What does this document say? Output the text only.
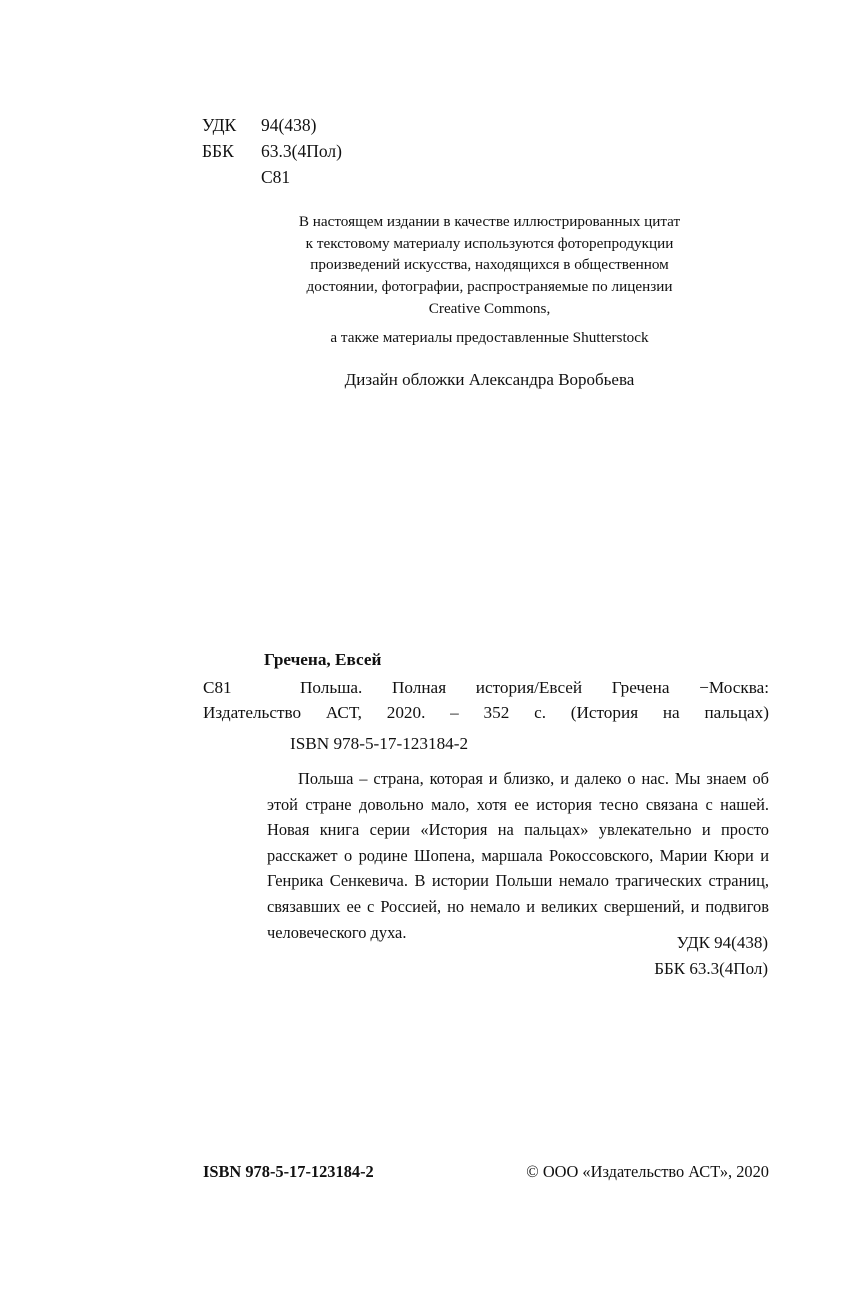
УДК 94(438)
ББК 63.3(4Пол)
С81
В настоящем издании в качестве иллюстрированных цитат
к текстовому материалу используются фоторепродукции
произведений искусства, находящихся в общественном
достоянии, фотографии, распространяемые по лицензии
Creative Commons,
а также материалы предоставленные Shutterstock
Дизайн обложки Александра Воробьева
Гречена, Евсей
С81	Польша. Полная история/Евсей Гречена −Москва: Издательство АСТ, 2020. – 352 с. (История на пальцах)
ISBN 978-5-17-123184-2
Польша – страна, которая и близко, и далеко о нас. Мы знаем об этой стране довольно мало, хотя ее история тесно связана с нашей. Новая книга серии «История на пальцах» увлекательно и просто расскажет о родине Шопена, маршала Рокоссовского, Марии Кюри и Генрика Сенкевича. В истории Польши немало трагических страниц, связавших ее с Россией, но немало и великих свершений, и подвигов человеческого духа.
УДК 94(438)
ББК 63.3(4Пол)
ISBN 978-5-17-123184-2	© ООО «Издательство АСТ», 2020
